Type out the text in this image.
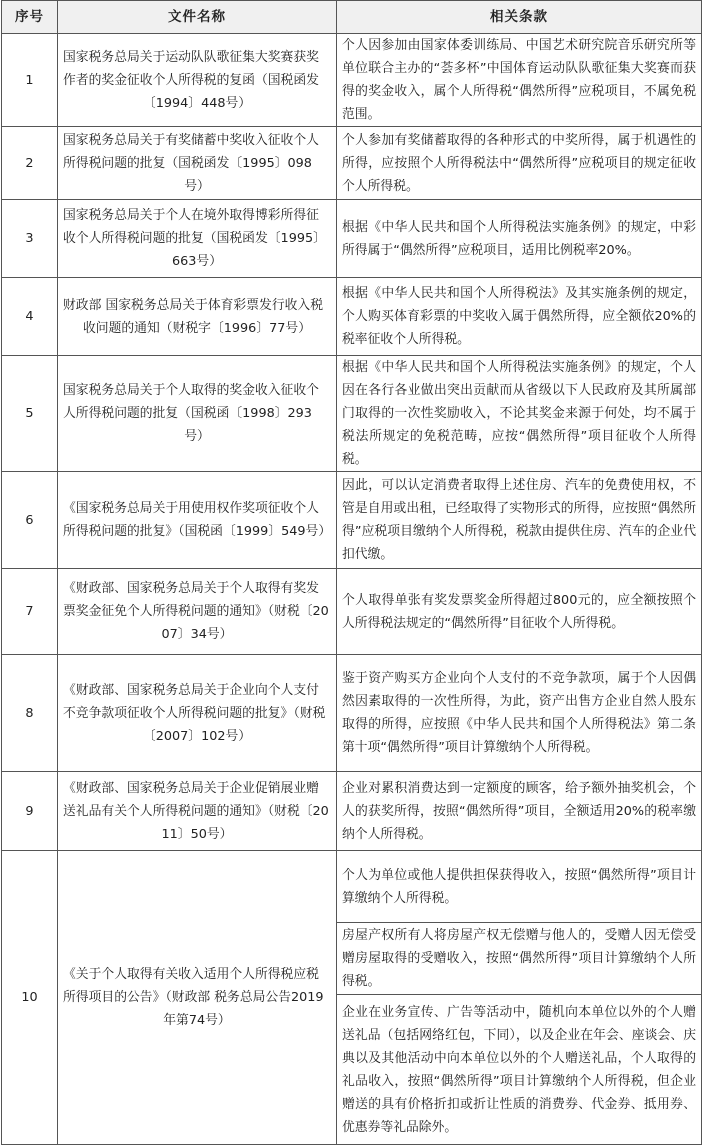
序号	文件名称	相关条款
1	国家税务总局关于运动队队歌征集大奖赛获奖作者的奖金征收个人所得税的复函（国税函发〔1994〕448号）	个人因参加由国家体委训练局、中国艺术研究院音乐研究所等单位联合主办的“荟多杯”中国体育运动队队歌征集大奖赛而获得的奖金收入，属个人所得税“偶然所得”应税项目，不属免税范围。
2	国家税务总局关于有奖储蓄中奖收入征收个人所得税问题的批复（国税函发〔1995〕098号）	个人参加有奖储蓄取得的各种形式的中奖所得，属于机遇性的所得，应按照个人所得税法中“偶然所得”应税项目的规定征收个人所得税。
3	国家税务总局关于个人在境外取得博彩所得征收个人所得税问题的批复（国税函发〔1995〕663号）	根据《中华人民共和国个人所得税法实施条例》的规定，中彩所得属于“偶然所得”应税项目，适用比例税率20%。
4	财政部 国家税务总局关于体育彩票发行收入税收问题的通知（财税字〔1996〕77号）	根据《中华人民共和国个人所得税法》及其实施条例的规定，个人购买体育彩票的中奖收入属于偶然所得，应全额依20%的税率征收个人所得税。
5	国家税务总局关于个人取得的奖金收入征收个人所得税问题的批复（国税函〔1998〕293号）	根据《中华人民共和国个人所得税法实施条例》的规定，个人因在各行各业做出突出贡献而从省级以下人民政府及其所属部门取得的一次性奖励收入，不论其奖金来源于何处，均不属于税法所规定的免税范畴，应按“偶然所得”项目征收个人所得税。
6	《国家税务总局关于用使用权作奖项征收个人所得税问题的批复》（国税函〔1999〕549号）	因此，可以认定消费者取得上述住房、汽车的免费使用权，不管是自用或出租，已经取得了实物形式的所得，应按照“偶然所得”应税项目缴纳个人所得税，税款由提供住房、汽车的企业代扣代缴。
7	《财政部、国家税务总局关于个人取得有奖发票奖金征免个人所得税问题的通知》（财税〔2007〕34号）	个人取得单张有奖发票奖金所得超过800元的，应全额按照个人所得税法规定的“偶然所得”目征收个人所得税。
8	《财政部、国家税务总局关于企业向个人支付不竞争款项征收个人所得税问题的批复》（财税〔2007〕102号）	鉴于资产购买方企业向个人支付的不竞争款项，属于个人因偶然因素取得的一次性所得，为此，资产出售方企业自然人股东取得的所得，应按照《中华人民共和国个人所得税法》第二条第十项“偶然所得”项目计算缴纳个人所得税。
9	《财政部、国家税务总局关于企业促销展业赠送礼品有关个人所得税问题的通知》（财税〔2011〕50号）	企业对累积消费达到一定额度的顾客，给予额外抽奖机会，个人的获奖所得，按照“偶然所得”项目，全额适用20%的税率缴纳个人所得税。
10	《关于个人取得有关收入适用个人所得税应税所得项目的公告》（财政部 税务总局公告2019年第74号）	个人为单位或他人提供担保获得收入，按照“偶然所得”项目计算缴纳个人所得税。
		房屋产权所有人将房屋产权无偿赠与他人的，受赠人因无偿受赠房屋取得的受赠收入，按照“偶然所得”项目计算缴纳个人所得税。
		企业在业务宣传、广告等活动中，随机向本单位以外的个人赠送礼品（包括网络红包，下同），以及企业在年会、座谈会、庆典以及其他活动中向本单位以外的个人赠送礼品，个人取得的礼品收入，按照“偶然所得”项目计算缴纳个人所得税，但企业赠送的具有价格折扣或折让性质的消费券、代金券、抵用券、优惠券等礼品除外。
